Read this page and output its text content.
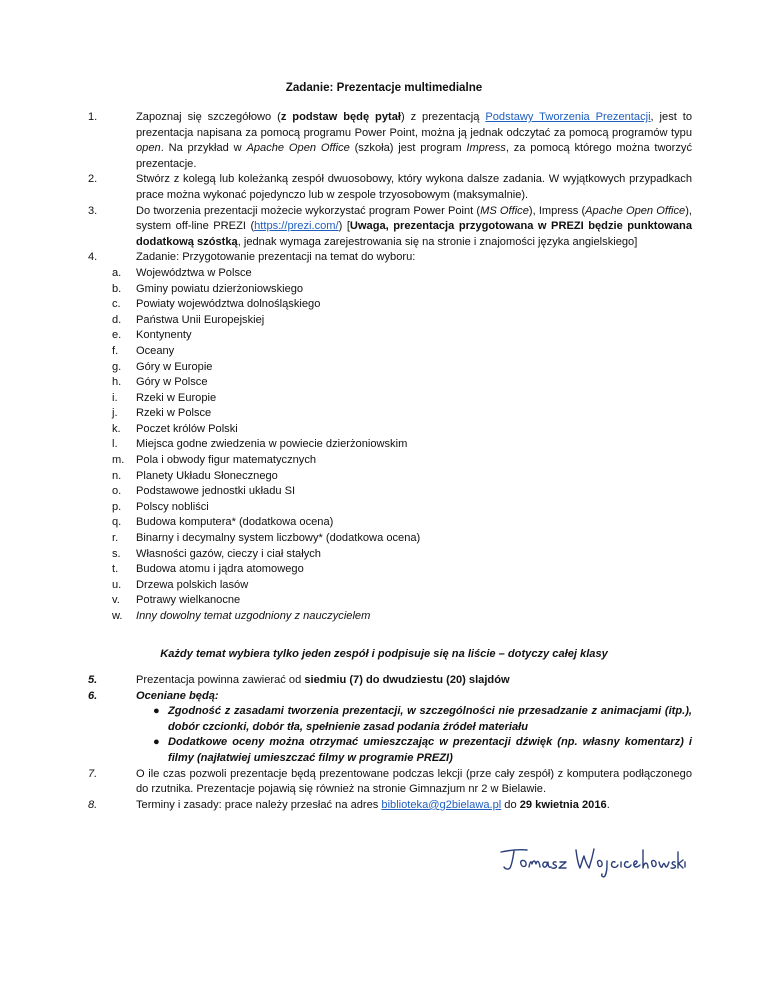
Zadanie: Prezentacje multimedialne
1.	Zapoznaj się szczegółowo (z podstaw będę pytał) z prezentacją Podstawy Tworzenia Prezentacji, jest to prezentacja napisana za pomocą programu Power Point, można ją jednak odczytać za pomocą programów typu open. Na przykład w Apache Open Office (szkoła) jest program Impress, za pomocą którego można tworzyć prezentacje.
2.	Stwórz z kolegą lub koleżanką zespół dwuosobowy, który wykona dalsze zadania. W wyjątkowych przypadkach prace można wykonać pojedynczo lub w zespole trzyosobowym (maksymalnie).
3.	Do tworzenia prezentacji możecie wykorzystać program Power Point (MS Office), Impress (Apache Open Office), system off-line PREZI (https://prezi.com/) [Uwaga, prezentacja przygotowana w PREZI będzie punktowana dodatkową szóstką, jednak wymaga zarejestrowania się na stronie i znajomości języka angielskiego]
4.	Zadanie: Przygotowanie prezentacji na temat do wyboru:
a. Województwa w Polsce
b. Gminy powiatu dzierżoniowskiego
c. Powiaty województwa dolnośląskiego
d. Państwa Unii Europejskiej
e. Kontynenty
f. Oceany
g. Góry w Europie
h. Góry w Polsce
i. Rzeki w Europie
j. Rzeki w Polsce
k. Poczet królów Polski
l. Miejsca godne zwiedzenia w powiecie dzierżoniowskim
m. Pola i obwody figur matematycznych
n. Planety Układu Słonecznego
o. Podstawowe jednostki układu SI
p. Polscy nobliści
q. Budowa komputera* (dodatkowa ocena)
r. Binarny i decymalny system liczbowy* (dodatkowa ocena)
s. Własności gazów, cieczy i ciał stałych
t. Budowa atomu i jądra atomowego
u. Drzewa polskich lasów
v. Potrawy wielkanocne
w. Inny dowolny temat uzgodniony z nauczycielem
Każdy temat wybiera tylko jeden zespół i podpisuje się na liście – dotyczy całej klasy
5.	Prezentacja powinna zawierać od siedmiu (7) do dwudziestu (20) slajdów
6.	Oceniane będą:
● Zgodność z zasadami tworzenia prezentacji, w szczególności nie przesadzanie z animacjami (itp.), dobór czcionki, dobór tła, spełnienie zasad podania źródeł materiału
● Dodatkowe oceny można otrzymać umieszczając w prezentacji dźwięk (np. własny komentarz) i filmy (najłatwiej umieszczać filmy w programie PREZI)
7.	O ile czas pozwoli prezentacje będą prezentowane podczas lekcji (prze cały zespół) z komputera podłączonego do rzutnika. Prezentacje pojawią się również na stronie Gimnazjum nr 2 w Bielawie.
8.	Terminy i zasady: prace należy przesłać na adres biblioteka@g2bielawa.pl do 29 kwietnia 2016.
